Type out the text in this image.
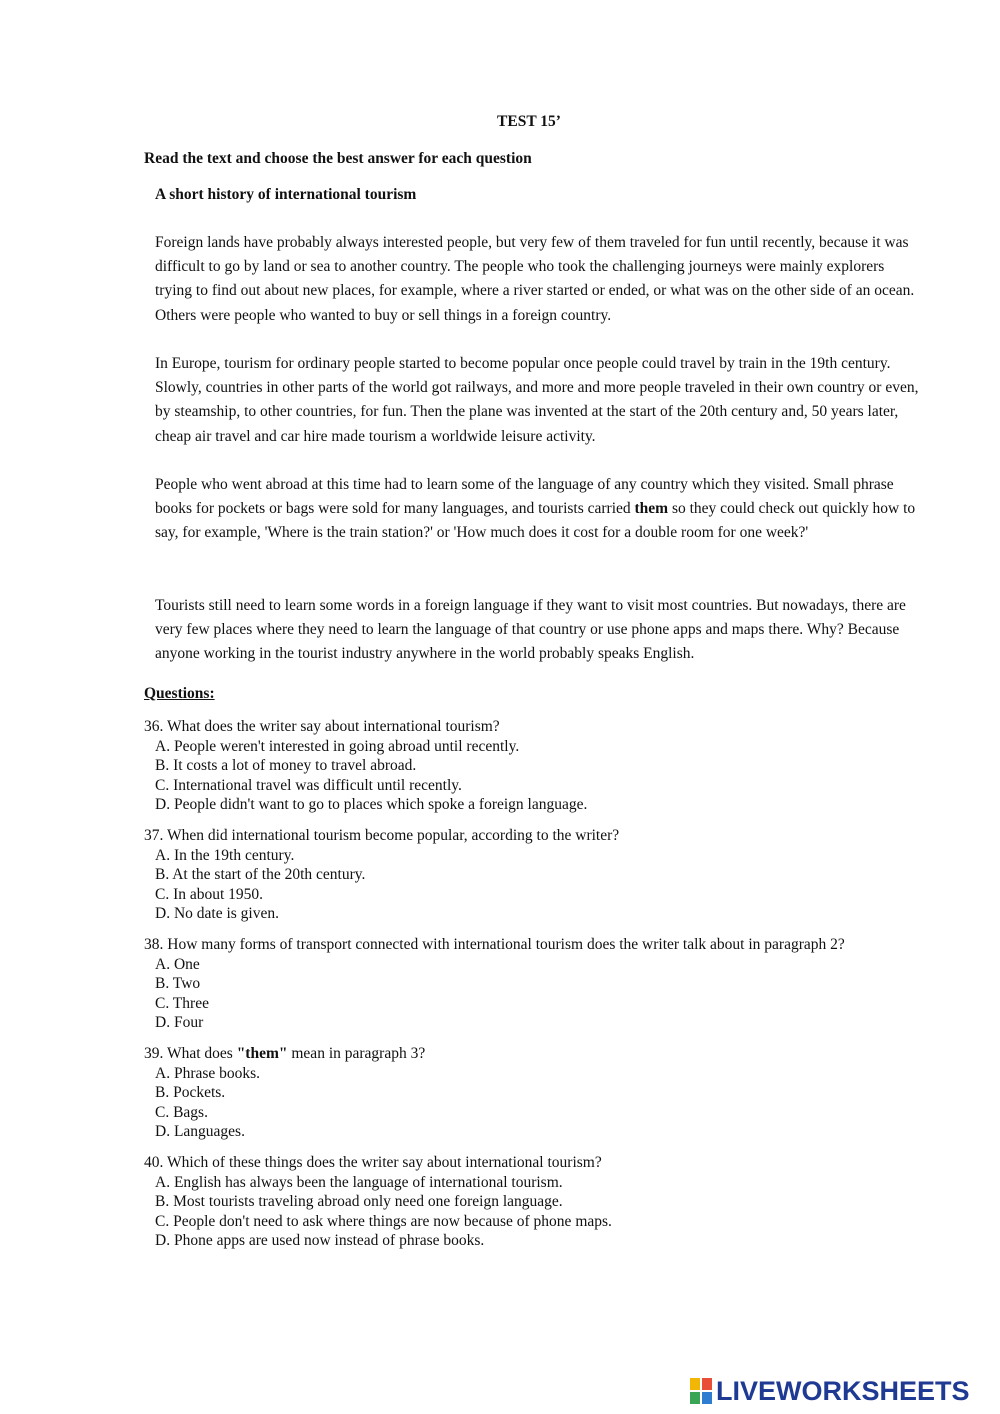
TEST 15’
Read the text and choose the best answer for each question
A short history of international tourism

Foreign lands have probably always interested people, but very few of them traveled for fun until recently, because it was difficult to go by land or sea to another country. The people who took the challenging journeys were mainly explorers trying to find out about new places, for example, where a river started or ended, or what was on the other side of an ocean. Others were people who wanted to buy or sell things in a foreign country.

In Europe, tourism for ordinary people started to become popular once people could travel by train in the 19th century. Slowly, countries in other parts of the world got railways, and more and more people traveled in their own country or even, by steamship, to other countries, for fun. Then the plane was invented at the start of the 20th century and, 50 years later, cheap air travel and car hire made tourism a worldwide leisure activity.

People who went abroad at this time had to learn some of the language of any country which they visited. Small phrase books for pockets or bags were sold for many languages, and tourists carried them so they could check out quickly how to say, for example, 'Where is the train station?' or 'How much does it cost for a double room for one week?'

Tourists still need to learn some words in a foreign language if they want to visit most countries. But nowadays, there are very few places where they need to learn the language of that country or use phone apps and maps there. Why? Because anyone working in the tourist industry anywhere in the world probably speaks English.

Questions:
36. What does the writer say about international tourism?
A. People weren't interested in going abroad until recently.
B. It costs a lot of money to travel abroad.
C. International travel was difficult until recently.
D. People didn't want to go to places which spoke a foreign language.
37. When did international tourism become popular, according to the writer?
A. In the 19th century.
B. At the start of the 20th century.
C. In about 1950.
D. No date is given.
38. How many forms of transport connected with international tourism does the writer talk about in paragraph 2?
A. One
B. Two
C. Three
D. Four
39. What does "them" mean in paragraph 3?
A. Phrase books.
B. Pockets.
C. Bags.
D. Languages.
40. Which of these things does the writer say about international tourism?
A. English has always been the language of international tourism.
B. Most tourists traveling abroad only need one foreign language.
C. People don't need to ask where things are now because of phone maps.
D. Phone apps are used now instead of phrase books.
LIVEWORKSHEETS
